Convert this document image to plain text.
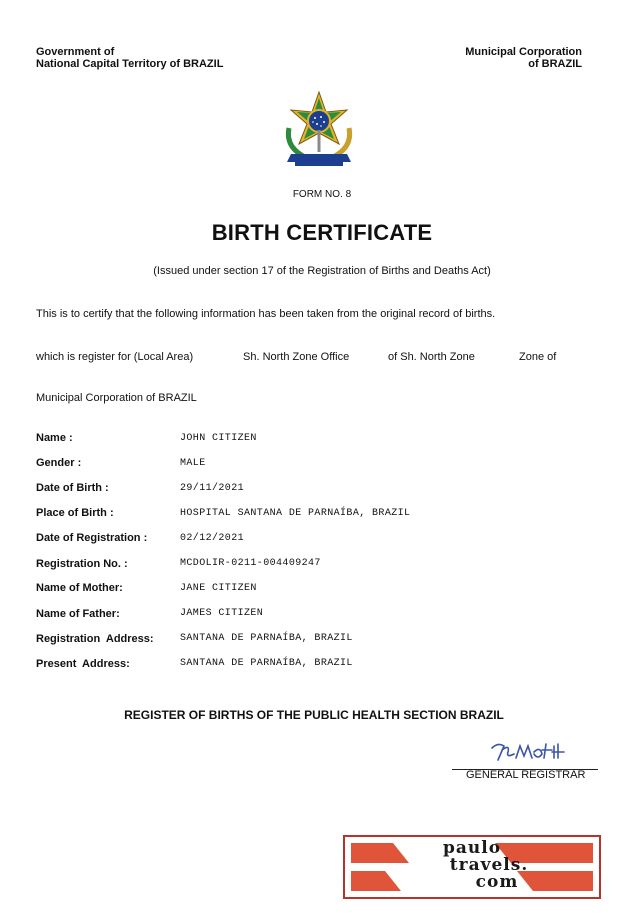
Government of
National Capital Territory of BRAZIL
Municipal Corporation
of BRAZIL
FORM NO. 8
BIRTH CERTIFICATE
(Issued under section 17 of the Registration of Births and Deaths Act)
This is to certify that the following information has been taken from the original record of births.
which is register for (Local Area)	Sh. North Zone Office	of Sh. North Zone	Zone of
Municipal Corporation of BRAZIL
Name :	JOHN CITIZEN
Gender :	MALE
Date of Birth :	29/11/2021
Place of Birth :	HOSPITAL SANTANA DE PARNAÍBA, BRAZIL
Date of Registration :	02/12/2021
Registration No. :	MCDOLIR-0211-004409247
Name of Mother:	JANE CITIZEN
Name of Father:	JAMES CITIZEN
Registration  Address:	SANTANA DE PARNAÍBA, BRAZIL
Present  Address:	SANTANA DE PARNAÍBA, BRAZIL
REGISTER OF BIRTHS OF THE PUBLIC HEALTH SECTION BRAZIL
GENERAL REGISTRAR
paulo
travels.
com
